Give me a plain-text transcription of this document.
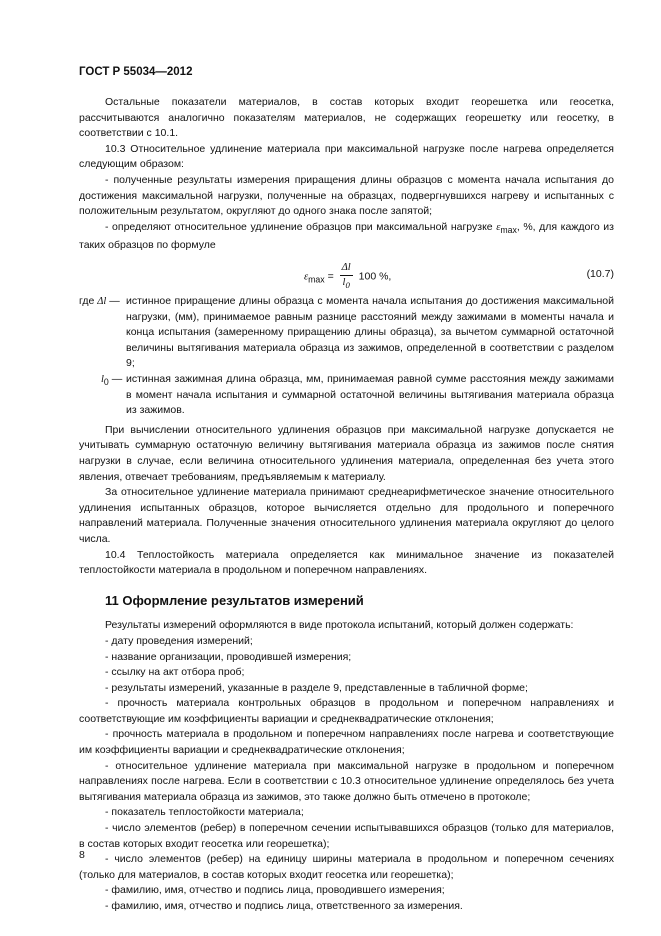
ГОСТ Р 55034—2012

Остальные показатели материалов, в состав которых входит георешетка или геосетка, рассчитываются аналогично показателям материалов, не содержащих георешетку или геосетку, в соответствии с 10.1.

10.3 Относительное удлинение материала при максимальной нагрузке после нагрева определяется следующим образом:

- полученные результаты измерения приращения длины образцов с момента начала испытания до достижения максимальной нагрузки, полученные на образцах, подвергнувшихся нагреву и испытанных с положительным результатом, округляют до одного знака после запятой;

- определяют относительное удлинение образцов при максимальной нагрузке $\varepsilon_{max}$, %, для каждого из таких образцов по формуле

$\varepsilon_{max} = \frac{\Delta l}{l_0} 100$ %,	(10.7)
где Δl — истинное приращение длины образца с момента начала испытания до достижения максимальной нагрузки, (мм), принимаемое равным разнице расстояний между зажимами в моменты начала и конца испытания (замеренному приращению длины образца), за вычетом суммарной остаточной величины вытягивания материала образца из зажимов, определенной в соответствии с разделом 9;
$l_0$ — истинная зажимная длина образца, мм, принимаемая равной сумме расстояния между зажимами в момент начала испытания и суммарной остаточной величины вытягивания материала образца из зажимов.

При вычислении относительного удлинения образцов при максимальной нагрузке допускается не учитывать суммарную остаточную величину вытягивания материала образца из зажимов после снятия нагрузки в случае, если величина относительного удлинения материала, определенная без учета этого явления, отвечает требованиям, предъявляемым к материалу.

За относительное удлинение материала принимают среднеарифметическое значение относительного удлинения испытанных образцов, которое вычисляется отдельно для продольного и поперечного направлений материала. Полученные значения относительного удлинения материала округляют до целого числа.

10.4 Теплостойкость материала определяется как минимальное значение из показателей теплостойкости материала в продольном и поперечном направлениях.

11 Оформление результатов измерений

Результаты измерений оформляются в виде протокола испытаний, который должен содержать:

- дату проведения измерений;

- название организации, проводившей измерения;

- ссылку на акт отбора проб;

- результаты измерений, указанные в разделе 9, представленные в табличной форме;

- прочность материала контрольных образцов в продольном и поперечном направлениях и соответствующие им коэффициенты вариации и среднеквадратические отклонения;

- прочность материала в продольном и поперечном направлениях после нагрева и соответствующие им коэффициенты вариации и среднеквадратические отклонения;

- относительное удлинение материала при максимальной нагрузке в продольном и поперечном направлениях после нагрева. Если в соответствии с 10.3 относительное удлинение определялось без учета вытягивания материала образца из зажимов, это также должно быть отмечено в протоколе;

- показатель теплостойкости материала;

- число элементов (ребер) в поперечном сечении испытывавшихся образцов (только для материалов, в состав которых входит геосетка или георешетка);

- число элементов (ребер) на единицу ширины материала в продольном и поперечном сечениях (только для материалов, в состав которых входит геосетка или георешетка);

- фамилию, имя, отчество и подпись лица, проводившего измерения;

- фамилию, имя, отчество и подпись лица, ответственного за измерения.

8
